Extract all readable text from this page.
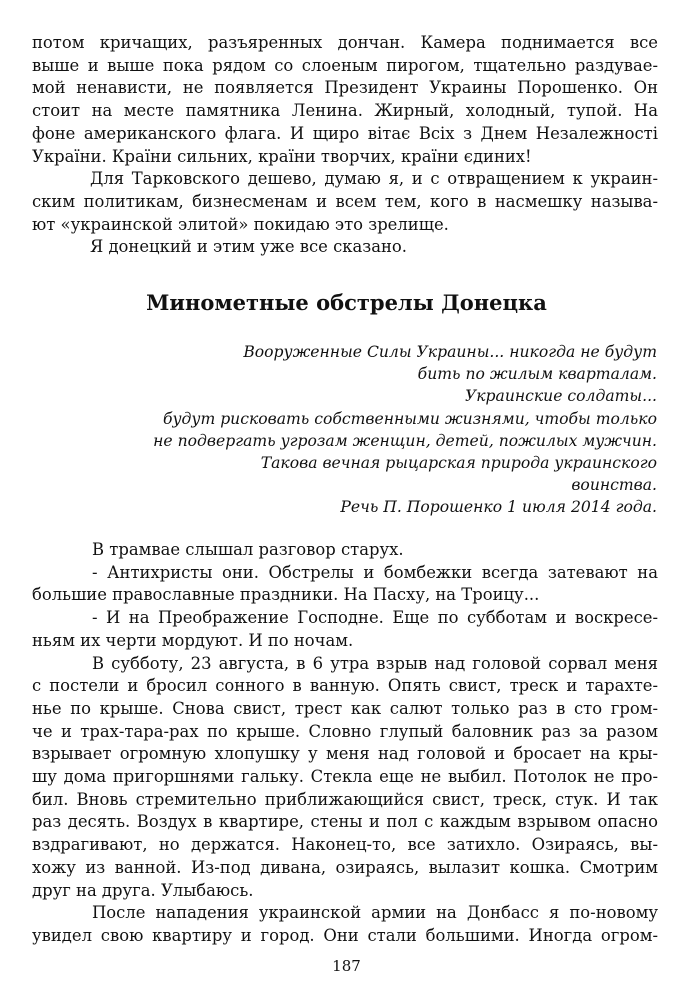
потом кричащих, разъяренных дончан. Камера поднимается все
выше и выше пока рядом со слоеным пирогом, тщательно раздувае-
мой ненависти, не появляется Президент Украины Порошенко. Он
стоит на месте памятника Ленина. Жирный, холодный, тупой. На
фоне американского флага. И щиро вітає Всіх з Днем Незалежності
України. Країни сильних, країни творчих, країни єдиних!
Для Тарковского дешево, думаю я, и с отвращением к украин-
ским политикам, бизнесменам и всем тем, кого в насмешку называ-
ют «украинской элитой» покидаю это зрелище.
Я донецкий и этим уже все сказано.
Минометные обстрелы Донецка
Вооруженные Силы Украины... никогда не будут
бить по жилым кварталам.
Украинские солдаты...
будут рисковать собственными жизнями, чтобы только
не подвергать угрозам женщин, детей, пожилых мужчин.
Такова вечная рыцарская природа украинского
воинства.
Речь П. Порошенко 1 июля 2014 года.
В трамвае слышал разговор старух.
- Антихристы они. Обстрелы и бомбежки всегда затевают на
большие православные праздники. На Пасху, на Троицу...
- И на Преображение Господне. Еще по субботам и воскресе-
ньям их черти мордуют. И по ночам.
В субботу, 23 августа, в 6 утра взрыв над головой сорвал меня
с постели и бросил сонного в ванную. Опять свист, треск и тарахте-
нье по крыше. Снова свист, трест как салют только раз в сто гром-
че и трах-тара-рах по крыше. Словно глупый баловник раз за разом
взрывает огромную хлопушку у меня над головой и бросает на кры-
шу дома пригоршнями гальку. Стекла еще не выбил. Потолок не про-
бил. Вновь стремительно приближающийся свист, треск, стук. И так
раз десять. Воздух в квартире, стены и пол с каждым взрывом опасно
вздрагивают, но держатся. Наконец-то, все затихло. Озираясь, вы-
хожу из ванной. Из-под дивана, озираясь, вылазит кошка. Смотрим
друг на друга. Улыбаюсь.
После нападения украинской армии на Донбасс я по-новому
увидел свою квартиру и город. Они стали большими. Иногда огром-
187
